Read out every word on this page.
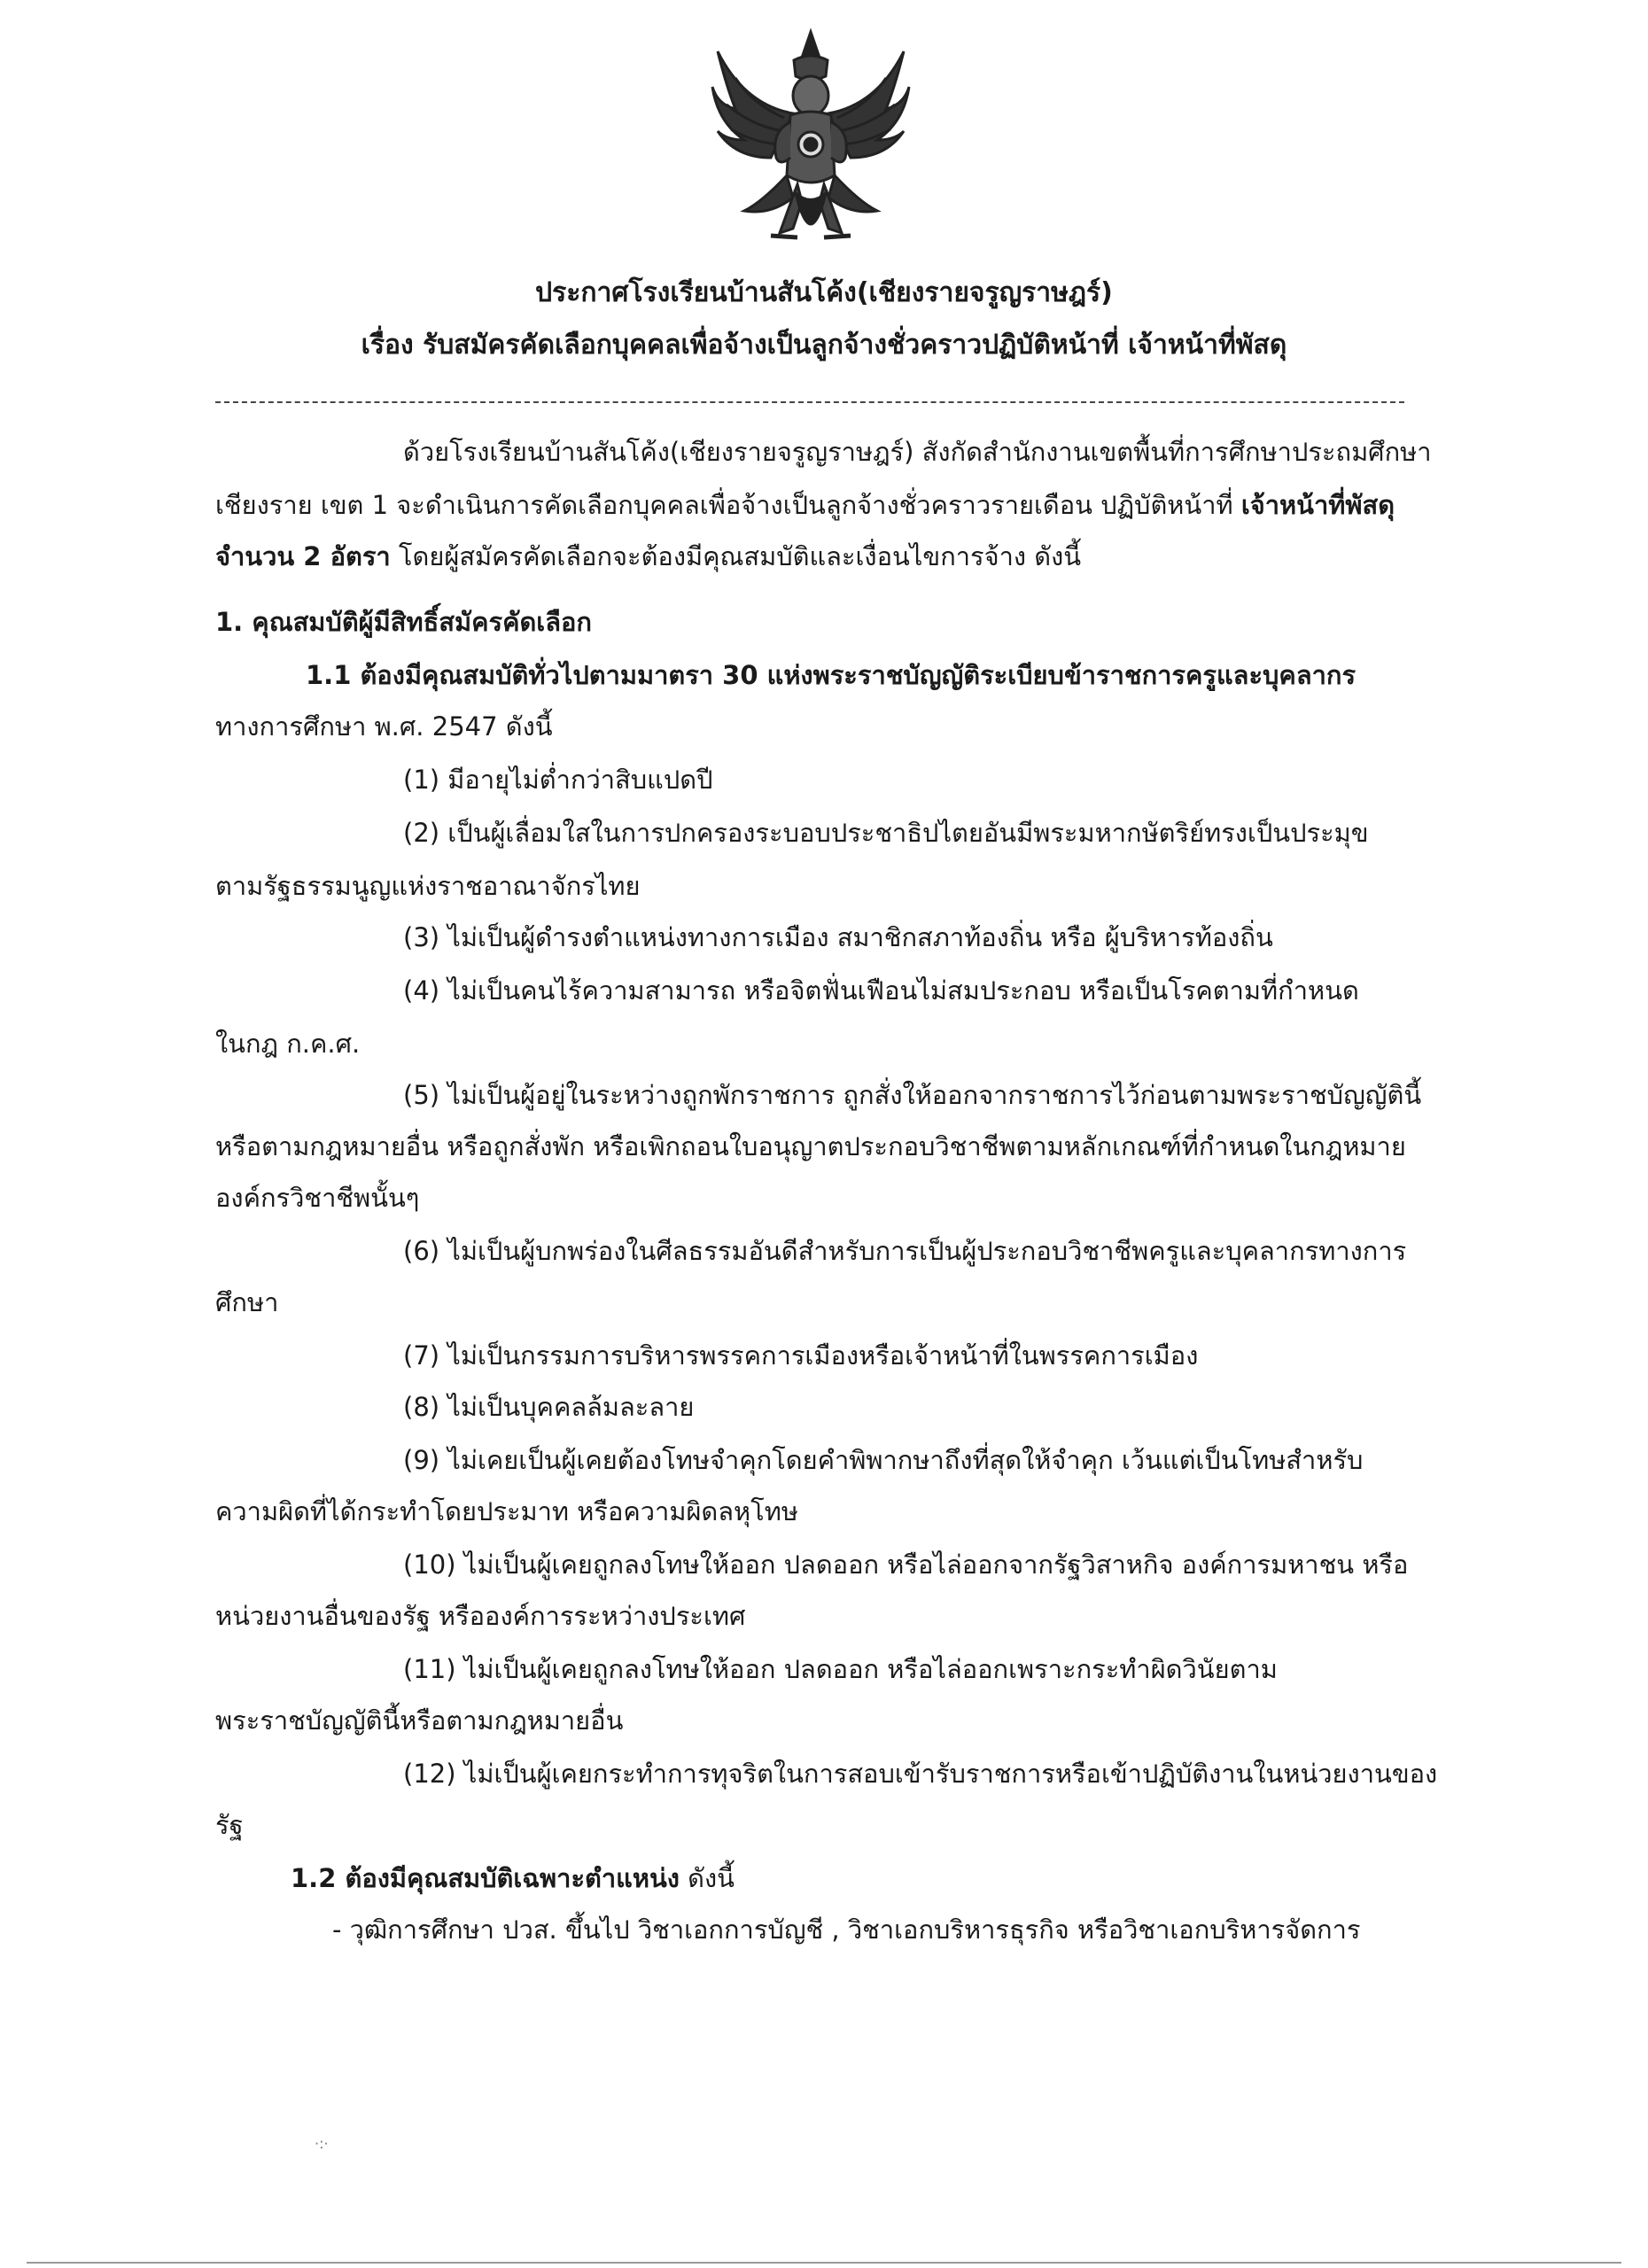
ประกาศโรงเรียนบ้านสันโค้ง(เชียงรายจรูญราษฎร์)
เรื่อง รับสมัครคัดเลือกบุคคลเพื่อจ้างเป็นลูกจ้างชั่วคราวปฏิบัติหน้าที่ เจ้าหน้าที่พัสดุ
ด้วยโรงเรียนบ้านสันโค้ง(เชียงรายจรูญราษฎร์) สังกัดสำนักงานเขตพื้นที่การศึกษาประถมศึกษา
เชียงราย เขต 1 จะดำเนินการคัดเลือกบุคคลเพื่อจ้างเป็นลูกจ้างชั่วคราวรายเดือน ปฏิบัติหน้าที่ เจ้าหน้าที่พัสดุ
จำนวน 2 อัตรา โดยผู้สมัครคัดเลือกจะต้องมีคุณสมบัติและเงื่อนไขการจ้าง ดังนี้
1. คุณสมบัติผู้มีสิทธิ์สมัครคัดเลือก
1.1 ต้องมีคุณสมบัติทั่วไปตามมาตรา 30 แห่งพระราชบัญญัติระเบียบข้าราชการครูและบุคลากร
ทางการศึกษา พ.ศ. 2547 ดังนี้
(1) มีอายุไม่ต่ำกว่าสิบแปดปี
(2) เป็นผู้เลื่อมใสในการปกครองระบอบประชาธิปไตยอันมีพระมหากษัตริย์ทรงเป็นประมุข
ตามรัฐธรรมนูญแห่งราชอาณาจักรไทย
(3) ไม่เป็นผู้ดำรงตำแหน่งทางการเมือง สมาชิกสภาท้องถิ่น หรือ ผู้บริหารท้องถิ่น
(4) ไม่เป็นคนไร้ความสามารถ หรือจิตฟั่นเฟือนไม่สมประกอบ หรือเป็นโรคตามที่กำหนด
ในกฎ ก.ค.ศ.
(5) ไม่เป็นผู้อยู่ในระหว่างถูกพักราชการ ถูกสั่งให้ออกจากราชการไว้ก่อนตามพระราชบัญญัตินี้
หรือตามกฎหมายอื่น หรือถูกสั่งพัก หรือเพิกถอนใบอนุญาตประกอบวิชาชีพตามหลักเกณฑ์ที่กำหนดในกฎหมาย
องค์กรวิชาชีพนั้นๆ
(6) ไม่เป็นผู้บกพร่องในศีลธรรมอันดีสำหรับการเป็นผู้ประกอบวิชาชีพครูและบุคลากรทางการ
ศึกษา
(7) ไม่เป็นกรรมการบริหารพรรคการเมืองหรือเจ้าหน้าที่ในพรรคการเมือง
(8) ไม่เป็นบุคคลล้มละลาย
(9) ไม่เคยเป็นผู้เคยต้องโทษจำคุกโดยคำพิพากษาถึงที่สุดให้จำคุก เว้นแต่เป็นโทษสำหรับ
ความผิดที่ได้กระทำโดยประมาท หรือความผิดลหุโทษ
(10) ไม่เป็นผู้เคยถูกลงโทษให้ออก ปลดออก หรือไล่ออกจากรัฐวิสาหกิจ องค์การมหาชน หรือ
หน่วยงานอื่นของรัฐ หรือองค์การระหว่างประเทศ
(11) ไม่เป็นผู้เคยถูกลงโทษให้ออก ปลดออก หรือไล่ออกเพราะกระทำผิดวินัยตาม
พระราชบัญญัตินี้หรือตามกฎหมายอื่น
(12) ไม่เป็นผู้เคยกระทำการทุจริตในการสอบเข้ารับราชการหรือเข้าปฏิบัติงานในหน่วยงานของ
รัฐ
1.2 ต้องมีคุณสมบัติเฉพาะตำแหน่ง ดังนี้
- วุฒิการศึกษา ปวส. ขึ้นไป วิชาเอกการบัญชี , วิชาเอกบริหารธุรกิจ หรือวิชาเอกบริหารจัดการ
·:·
